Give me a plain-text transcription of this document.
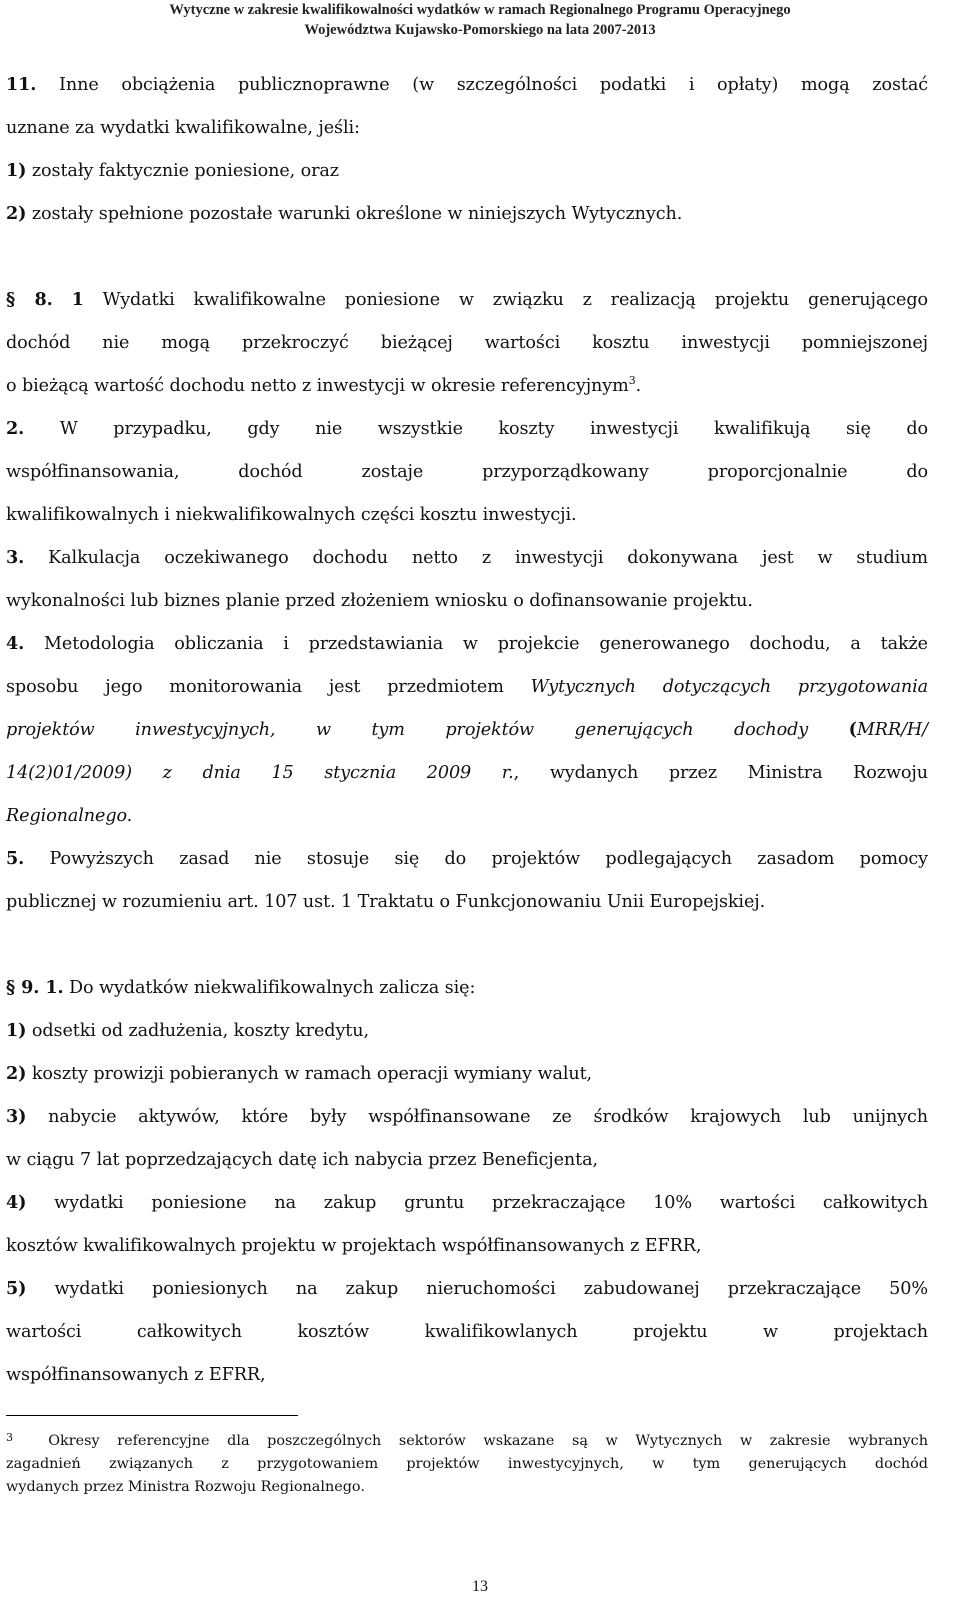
Wytyczne w zakresie kwalifikowalności wydatków w ramach Regionalnego Programu Operacyjnego
Województwa Kujawsko-Pomorskiego na lata 2007-2013
11. Inne obciążenia publicznoprawne (w szczególności podatki i opłaty) mogą zostać
uznane za wydatki kwalifikowalne, jeśli:
1) zostały faktycznie poniesione, oraz
2) zostały spełnione pozostałe warunki określone w niniejszych Wytycznych.
§ 8. 1 Wydatki kwalifikowalne poniesione w związku z realizacją projektu generującego
dochód nie mogą przekroczyć bieżącej wartości kosztu inwestycji pomniejszonej
o bieżącą wartość dochodu netto z inwestycji w okresie referencyjnym$^3$.
2. W przypadku, gdy nie wszystkie koszty inwestycji kwalifikują się do
współfinansowania, dochód zostaje przyporządkowany proporcjonalnie do
kwalifikowalnych i niekwalifikowalnych części kosztu inwestycji.
3. Kalkulacja oczekiwanego dochodu netto z inwestycji dokonywana jest w studium
wykonalności lub biznes planie przed złożeniem wniosku o dofinansowanie projektu.
4. Metodologia obliczania i przedstawiania w projekcie generowanego dochodu, a także
sposobu jego monitorowania jest przedmiotem Wytycznych dotyczących przygotowania
projektów inwestycyjnych, w tym projektów generujących dochody (MRR/H/
14(2)01/2009) z dnia 15 stycznia 2009 r., wydanych przez Ministra Rozwoju
Regionalnego.
5. Powyższych zasad nie stosuje się do projektów podlegających zasadom pomocy
publicznej w rozumieniu art. 107 ust. 1 Traktatu o Funkcjonowaniu Unii Europejskiej.
§ 9. 1. Do wydatków niekwalifikowalnych zalicza się:
1) odsetki od zadłużenia, koszty kredytu,
2) koszty prowizji pobieranych w ramach operacji wymiany walut,
3) nabycie aktywów, które były współfinansowane ze środków krajowych lub unijnych
w ciągu 7 lat poprzedzających datę ich nabycia przez Beneficjenta,
4) wydatki poniesione na zakup gruntu przekraczające 10% wartości całkowitych
kosztów kwalifikowalnych projektu w projektach współfinansowanych z EFRR,
5) wydatki poniesionych na zakup nieruchomości zabudowanej przekraczające 50%
wartości całkowitych kosztów kwalifikowlanych projektu w projektach
współfinansowanych z EFRR,
$^3$ Okresy referencyjne dla poszczególnych sektorów wskazane są w Wytycznych w zakresie wybranych
zagadnień związanych z przygotowaniem projektów inwestycyjnych, w tym generujących dochód
wydanych przez Ministra Rozwoju Regionalnego.
13
